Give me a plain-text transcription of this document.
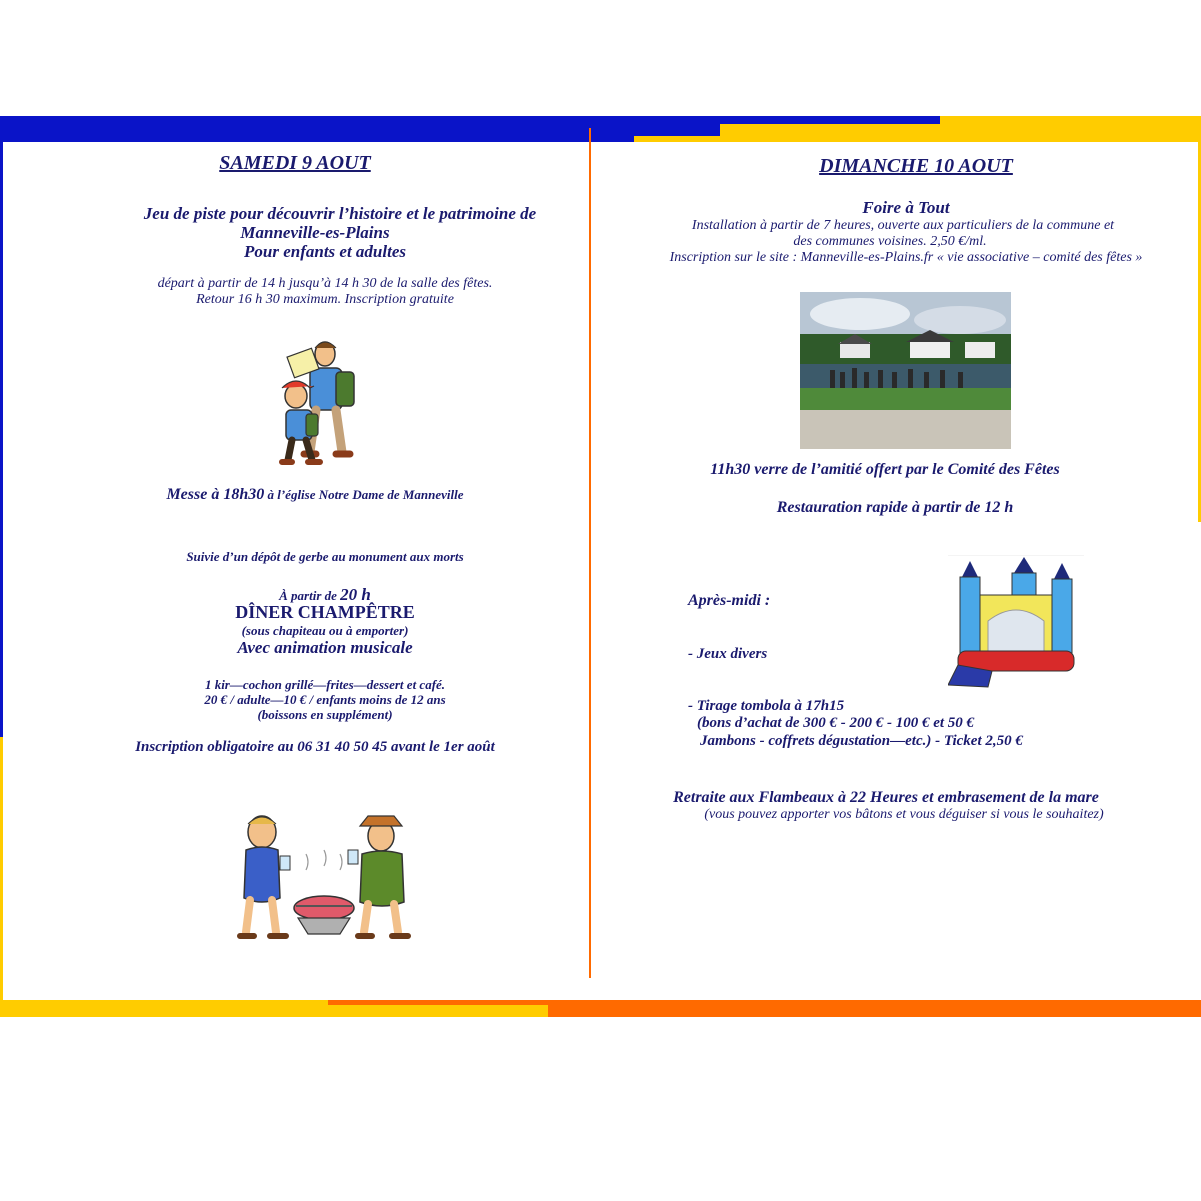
SAMEDI 9 AOUT
Jeu de piste pour découvrir l’histoire et le patrimoine de
Manneville-es-Plains
Pour enfants et adultes
départ à partir de 14 h jusqu’à 14 h 30 de la salle des fêtes.
Retour 16 h 30 maximum. Inscription gratuite
Messe à 18h30 à l’église Notre Dame de Manneville
Suivie d’un dépôt de gerbe au monument aux morts
À partir de 20 h
DÎNER CHAMPÊTRE
(sous chapiteau ou à emporter)
Avec animation musicale
1 kir—cochon grillé—frites—dessert et café.
20 € / adulte—10 € / enfants moins de 12 ans
(boissons en supplément)
Inscription obligatoire au 06 31 40 50 45 avant le 1er août
DIMANCHE 10 AOUT
Foire à Tout
Installation à partir de 7 heures, ouverte aux particuliers de la commune et
des communes voisines. 2,50 €/ml.
Inscription sur le site : Manneville-es-Plains.fr « vie associative – comité des fêtes »
11h30 verre de l’amitié offert par le Comité des Fêtes
Restauration rapide à partir de 12 h
Après-midi :
- Jeux divers
- Tirage tombola à 17h15
(bons d’achat de 300 € - 200 € - 100 € et 50 €
Jambons - coffrets dégustation—etc.) - Ticket 2,50 €
Retraite aux Flambeaux à 22 Heures et embrasement de la mare
(vous pouvez apporter vos bâtons et vous déguiser si vous le souhaitez)
